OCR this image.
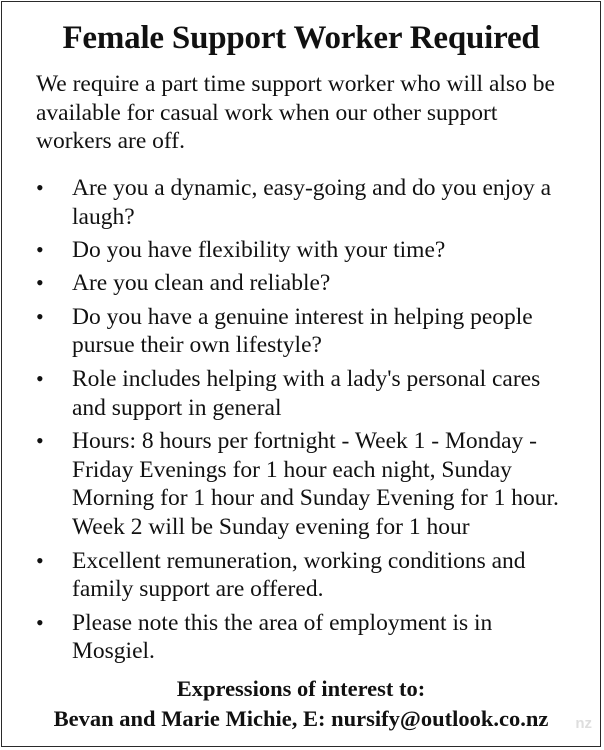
Female Support Worker Required

We require a part time support worker who will also be available for casual work when our other support workers are off.

•	Are you a dynamic, easy-going and do you enjoy a laugh?
•	Do you have flexibility with your time?
•	Are you clean and reliable?
•	Do you have a genuine interest in helping people pursue their own lifestyle?
•	Role includes helping with a lady's personal cares and support in general
•	Hours: 8 hours per fortnight - Week 1 - Monday - Friday Evenings for 1 hour each night, Sunday Morning for 1 hour and Sunday Evening for 1 hour. Week 2 will be Sunday evening for 1 hour
•	Excellent remuneration, working conditions and family support are offered.
•	Please note this the area of employment is in Mosgiel.
Expressions of interest to:
Bevan and Marie Michie, E: nursify@outlook.co.nz	nz
